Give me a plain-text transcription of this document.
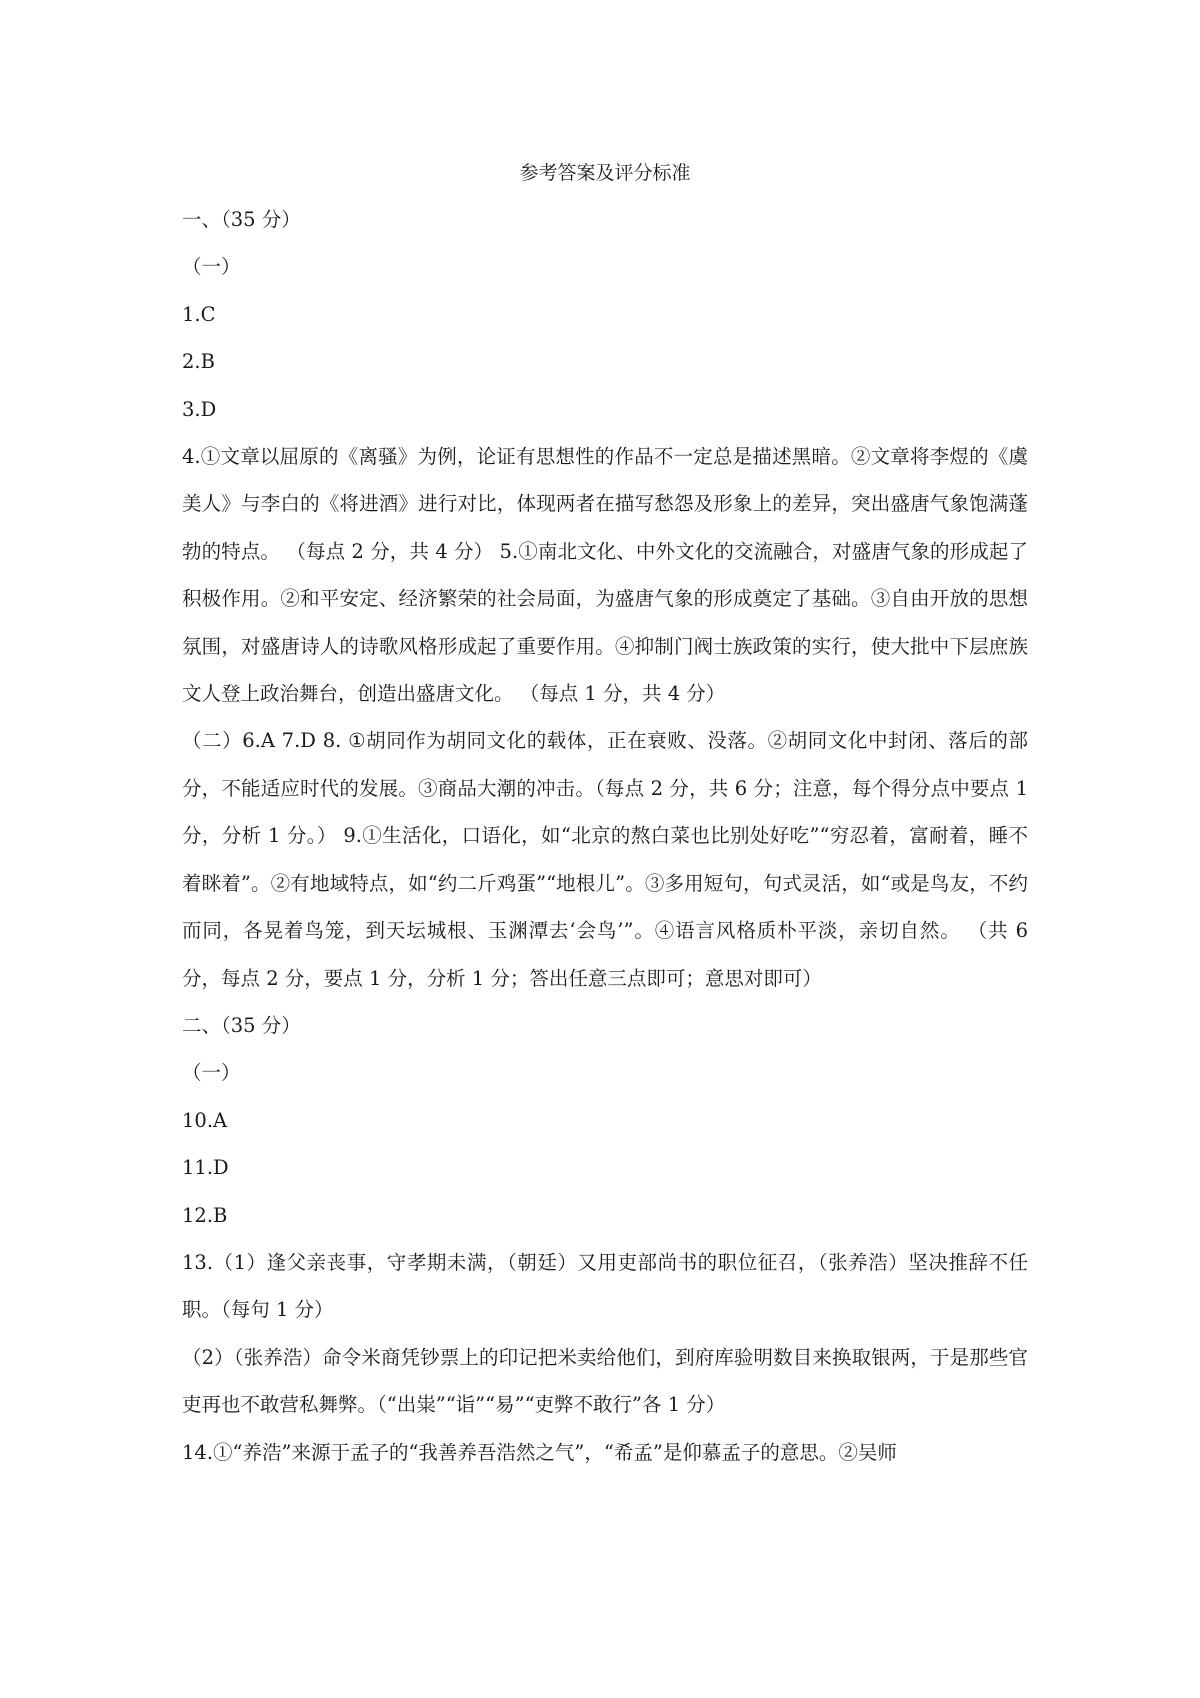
参考答案及评分标准
一、（35 分）
（一）
1.C
2.B
3.D
4.①文章以屈原的《离骚》为例，论证有思想性的作品不一定总是描述黑暗。②文章将李煜的《虞美人》与李白的《将进酒》进行对比，体现两者在描写愁怨及形象上的差异，突出盛唐气象饱满蓬勃的特点。 （每点 2 分，共 4 分） 5.①南北文化、中外文化的交流融合，对盛唐气象的形成起了积极作用。②和平安定、经济繁荣的社会局面，为盛唐气象的形成奠定了基础。③自由开放的思想氛围，对盛唐诗人的诗歌风格形成起了重要作用。④抑制门阀士族政策的实行，使大批中下层庶族文人登上政治舞台，创造出盛唐文化。 （每点 1 分，共 4 分）
（二）6.A 7.D 8. ①胡同作为胡同文化的载体，正在衰败、没落。②胡同文化中封闭、落后的部分，不能适应时代的发展。③商品大潮的冲击。（每点 2 分，共 6 分；注意，每个得分点中要点 1 分，分析 1 分。） 9.①生活化，口语化，如“北京的熬白菜也比别处好吃”“穷忍着，富耐着，睡不着眯着”。②有地域特点，如“约二斤鸡蛋”“地根儿”。③多用短句，句式灵活，如“或是鸟友，不约而同，各晃着鸟笼，到天坛城根、玉渊潭去‘会鸟’”。④语言风格质朴平淡，亲切自然。 （共 6 分，每点 2 分，要点 1 分，分析 1 分；答出任意三点即可；意思对即可）
二、（35 分）
（一）
10.A
11.D
12.B
13.（1）逢父亲丧事，守孝期未满，（朝廷）又用吏部尚书的职位征召，（张养浩）坚决推辞不任职。（每句 1 分）
（2）（张养浩）命令米商凭钞票上的印记把米卖给他们，到府库验明数目来换取银两，于是那些官吏再也不敢营私舞弊。（“出粜”“诣”“易”“吏弊不敢行”各 1 分）
14.①“养浩”来源于孟子的“我善养吾浩然之气”，“希孟”是仰慕孟子的意思。②吴师
